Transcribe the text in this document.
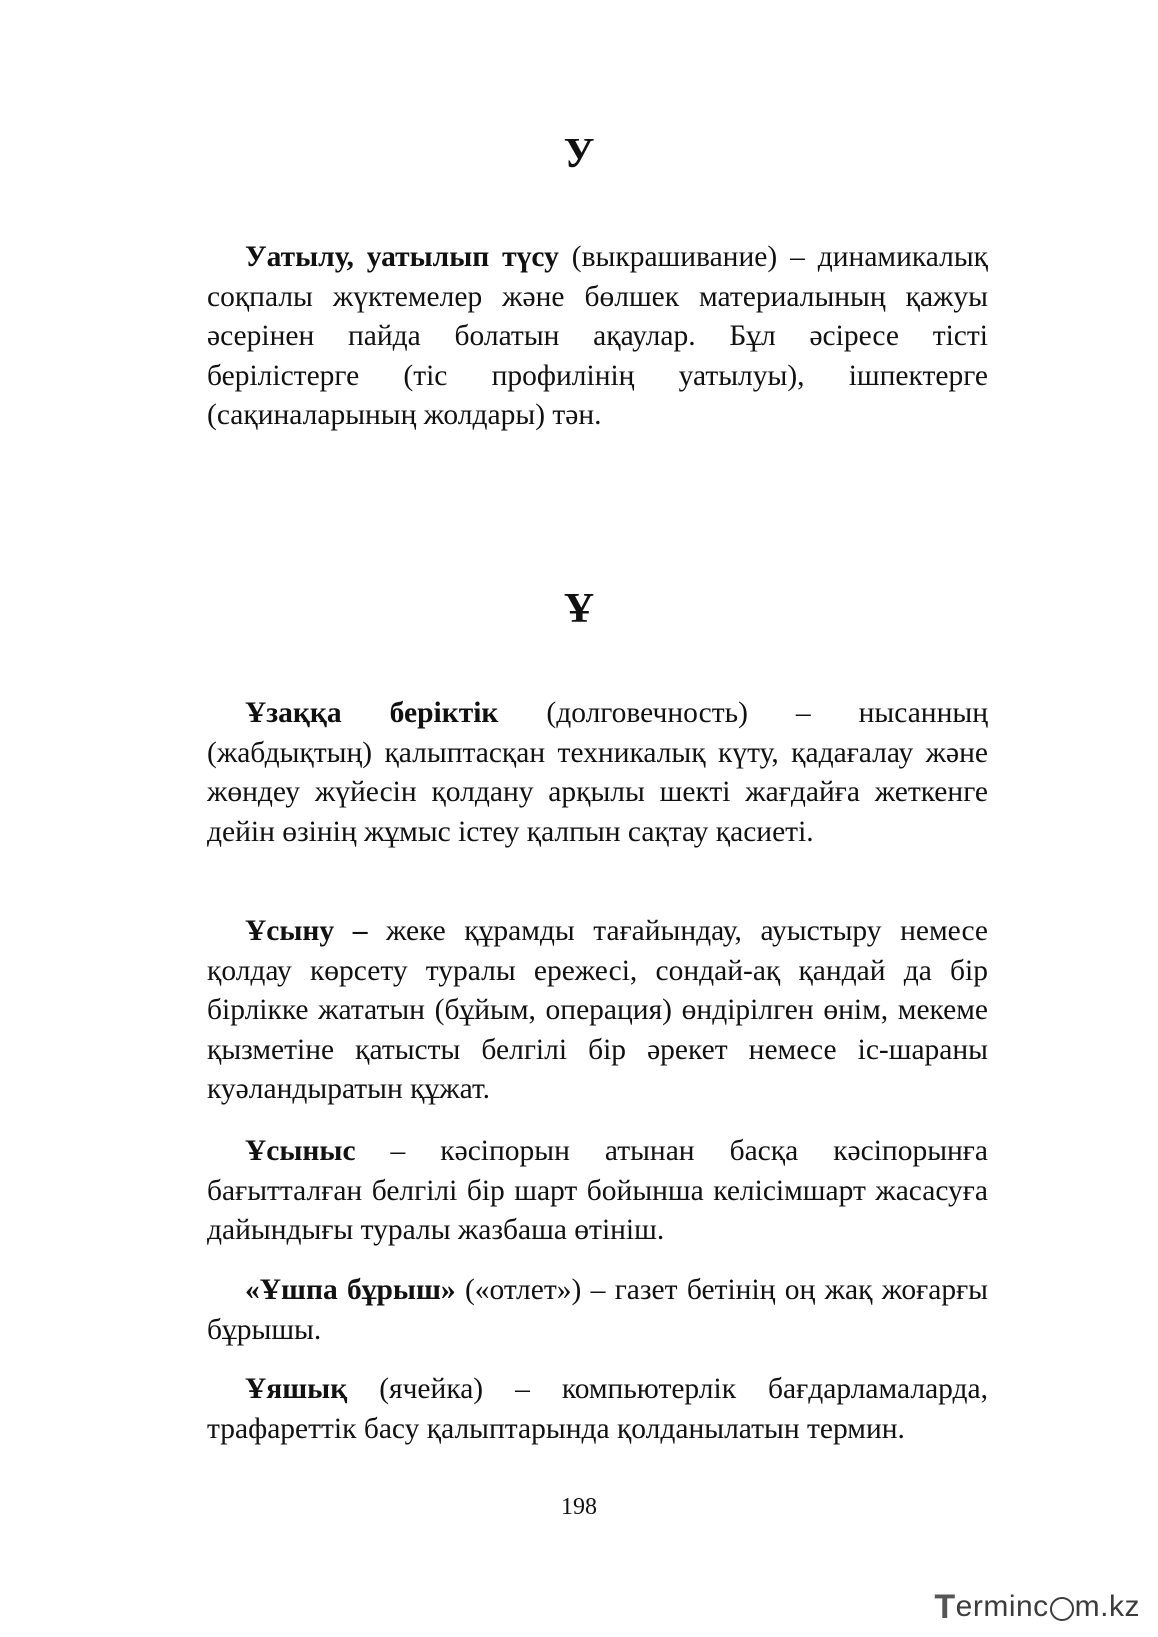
У

Уатылу, уатылып түсу (выкрашивание) – динамикалық соқпалы жүктемелер және бөлшек материалының қажуы әсерінен пайда болатын ақаулар. Бұл әсіресе тісті берілістерге (тіс профилінің уатылуы), ішпектерге (сақиналарының жолдары) тән.

Ұ

Ұзаққа беріктік (долговечность) – нысанның (жабдықтың) қалыптасқан техникалық күту, қадағалау және жөндеу жүйесін қолдану арқылы шекті жағдайға жеткенге дейін өзінің жұмыс істеу қалпын сақтау қасиеті.

Ұсыну – жеке құрамды тағайындау, ауыстыру немесе қолдау көрсету туралы ережесі, сондай-ақ қандай да бір бірлікке жататын (бұйым, операция) өндірілген өнім, мекеме қызметіне қатысты белгілі бір әрекет немесе іс-шараны куәландыратын құжат.

Ұсыныс – кәсіпорын атынан басқа кәсіпорынға бағытталған белгілі бір шарт бойынша келісімшарт жасасуға дайындығы туралы жазбаша өтініш.

«Ұшпа бұрыш» («отлет») – газет бетінің оң жақ жоғарғы бұрышы.

Ұяшық (ячейка) – компьютерлік бағдарламаларда, трафареттік басу қалыптарында қолданылатын термин.

198
T erminc m.kz
